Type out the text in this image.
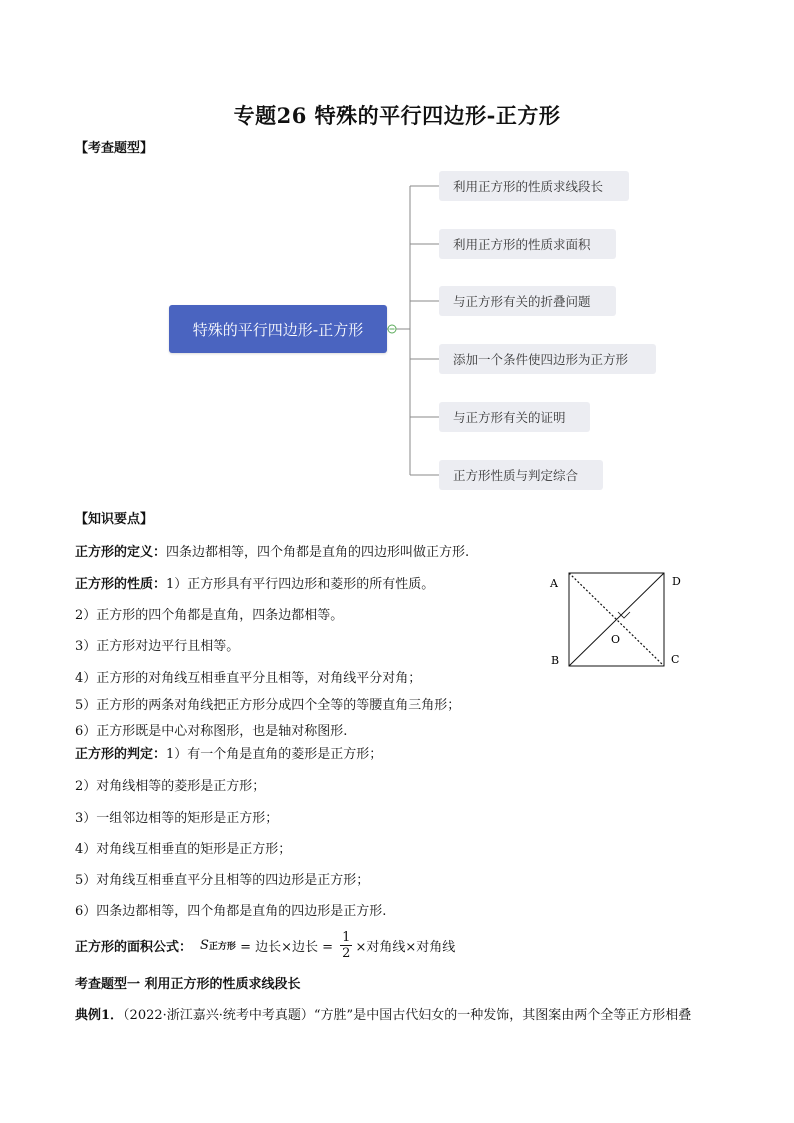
专题26 特殊的平行四边形-正方形
【考查题型】
特殊的平行四边形-正方形
利用正方形的性质求线段长
利用正方形的性质求面积
与正方形有关的折叠问题
添加一个条件使四边形为正方形
与正方形有关的证明
正方形性质与判定综合
【知识要点】
正方形的定义：四条边都相等，四个角都是直角的四边形叫做正方形.
正方形的性质：1）正方形具有平行四边形和菱形的所有性质。
2）正方形的四个角都是直角，四条边都相等。
3）正方形对边平行且相等。
4）正方形的对角线互相垂直平分且相等，对角线平分对角；
5）正方形的两条对角线把正方形分成四个全等的等腰直角三角形；
6）正方形既是中心对称图形，也是轴对称图形.
正方形的判定：1）有一个角是直角的菱形是正方形；
2）对角线相等的菱形是正方形；
3）一组邻边相等的矩形是正方形；
4）对角线互相垂直的矩形是正方形；
5）对角线互相垂直平分且相等的四边形是正方形；
6）四条边都相等，四个角都是直角的四边形是正方形.
正方形的面积公式： S 正方形 = 边长×边长 = $\frac{1}{2}$ ×对角线×对角线
A	D
B	C
O
考查题型一 利用正方形的性质求线段长
典例1．（2022·浙江嘉兴·统考中考真题）“方胜”是中国古代妇女的一种发饰，其图案由两个全等正方形相叠
